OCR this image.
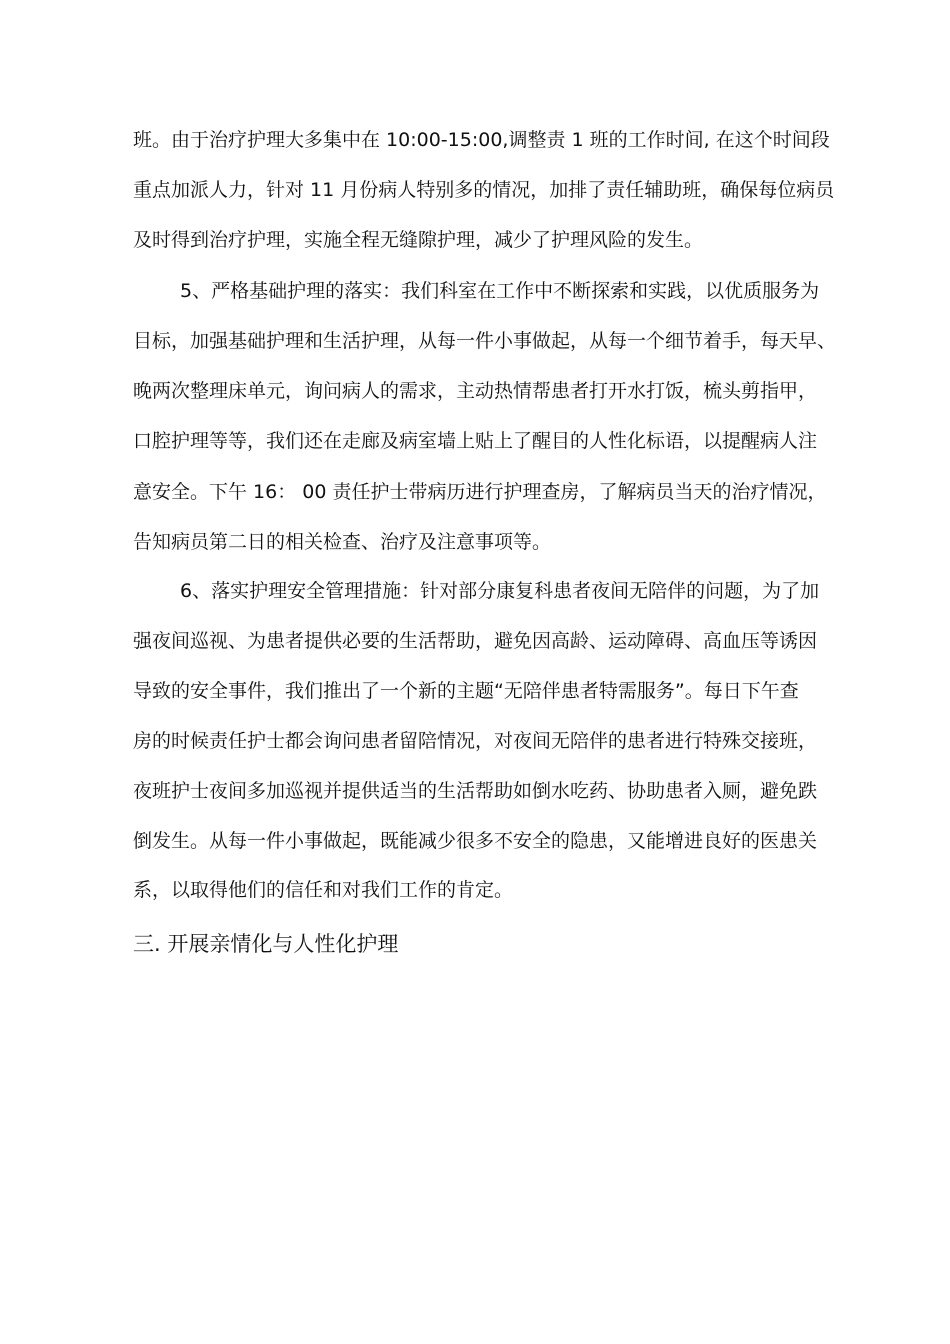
班。由于治疗护理大多集中在 10:00-15:00,调整责 1 班的工作时间, 在这个时间段
重点加派人力，针对 11 月份病人特别多的情况，加排了责任辅助班，确保每位病员
及时得到治疗护理，实施全程无缝隙护理，减少了护理风险的发生。
5、严格基础护理的落实：我们科室在工作中不断探索和实践，以优质服务为
目标，加强基础护理和生活护理，从每一件小事做起，从每一个细节着手，每天早、
晚两次整理床单元，询问病人的需求，主动热情帮患者打开水打饭，梳头剪指甲，
口腔护理等等，我们还在走廊及病室墙上贴上了醒目的人性化标语，以提醒病人注
意安全。下午 16： 00 责任护士带病历进行护理查房，了解病员当天的治疗情况，
告知病员第二日的相关检查、治疗及注意事项等。
6、落实护理安全管理措施：针对部分康复科患者夜间无陪伴的问题，为了加
强夜间巡视、为患者提供必要的生活帮助，避免因高龄、运动障碍、高血压等诱因
导致的安全事件，我们推出了一个新的主题“无陪伴患者特需服务”。每日下午查
房的时候责任护士都会询问患者留陪情况，对夜间无陪伴的患者进行特殊交接班，
夜班护士夜间多加巡视并提供适当的生活帮助如倒水吃药、协助患者入厕，避免跌
倒发生。从每一件小事做起，既能减少很多不安全的隐患，又能增进良好的医患关
系，以取得他们的信任和对我们工作的肯定。
三. 开展亲情化与人性化护理
